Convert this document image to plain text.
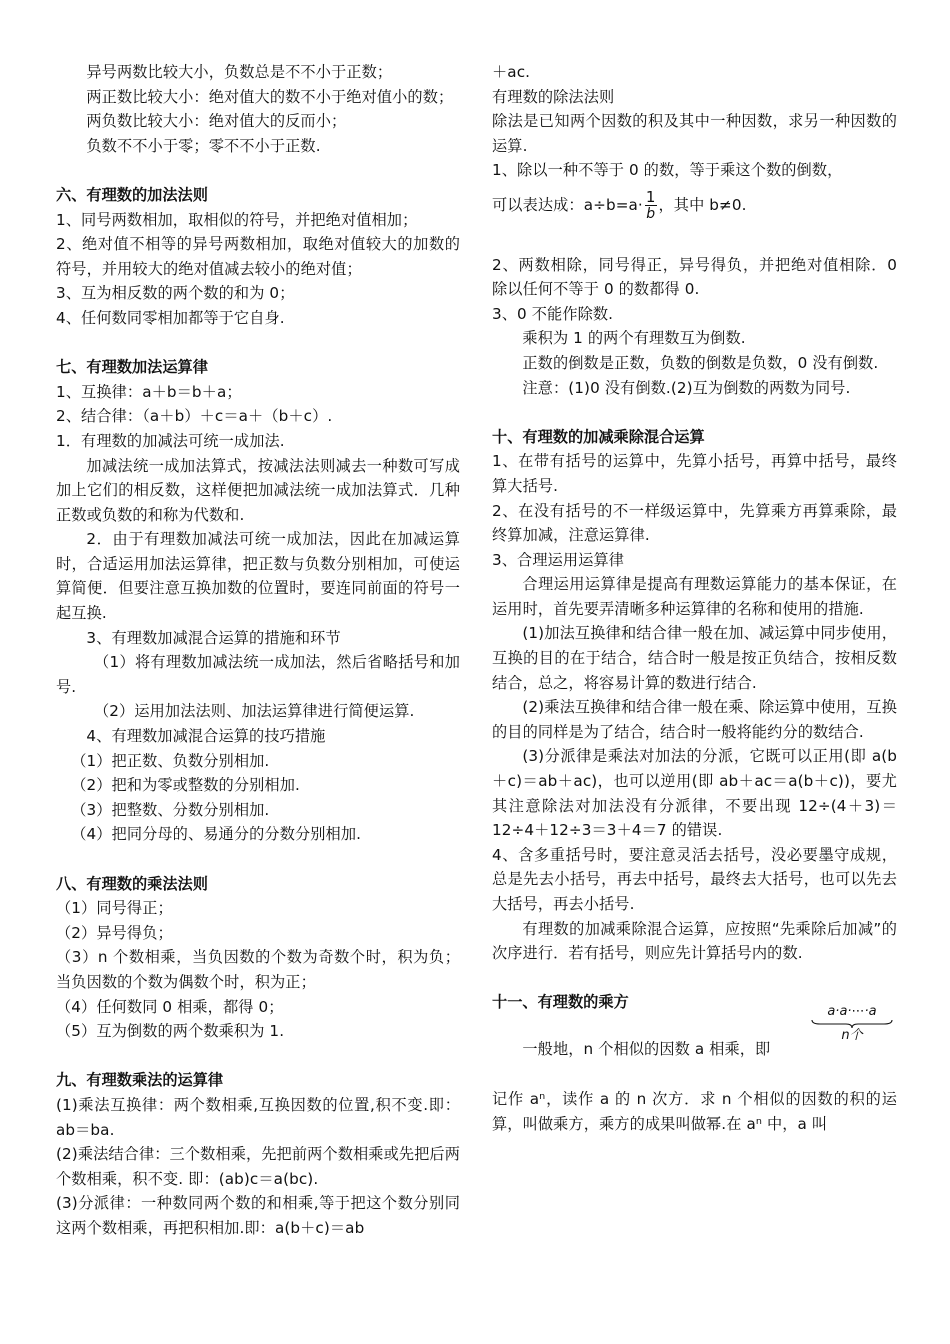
异号两数比较大小，负数总是不不小于正数；

两正数比较大小：绝对值大的数不小于绝对值小的数；

两负数比较大小：绝对值大的反而小；

负数不不小于零；零不不小于正数.

六、有理数的加法法则

1、同号两数相加，取相似的符号，并把绝对值相加；

2、绝对值不相等的异号两数相加，取绝对值较大的加数的符号，并用较大的绝对值减去较小的绝对值；

3、互为相反数的两个数的和为 0；

4、任何数同零相加都等于它自身.

七、有理数加法运算律

1、互换律：a＋b＝b＋a；

2、结合律：（a＋b）＋c＝a＋（b＋c）.

1．有理数的加减法可统一成加法.

加减法统一成加法算式，按减法法则减去一种数可写成加上它们的相反数，这样便把加减法统一成加法算式．几种正数或负数的和称为代数和.

2．由于有理数加减法可统一成加法，因此在加减运算时，合适运用加法运算律，把正数与负数分别相加，可使运算简便．但要注意互换加数的位置时，要连同前面的符号一起互换.

3、有理数加减混合运算的措施和环节

（1）将有理数加减法统一成加法，然后省略括号和加号.

（2）运用加法法则、加法运算律进行简便运算.

4、有理数加减混合运算的技巧措施

（1）把正数、负数分别相加.

（2）把和为零或整数的分别相加.

（3）把整数、分数分别相加.

（4）把同分母的、易通分的分数分别相加.

八、有理数的乘法法则

（1）同号得正；

（2）异号得负；

（3）n 个数相乘，当负因数的个数为奇数个时，积为负；当负因数的个数为偶数个时，积为正；

（4）任何数同 0 相乘，都得 0；

（5）互为倒数的两个数乘积为 1.

九、有理数乘法的运算律

(1)乘法互换律：两个数相乘,互换因数的位置,积不变.即：ab＝ba.

(2)乘法结合律：三个数相乘，先把前两个数相乘或先把后两个数相乘，积不变. 即：(ab)c＝a(bc).

(3)分派律：一种数同两个数的和相乘,等于把这个数分别同这两个数相乘，再把积相加.即：a(b＋c)＝ab

＋ac.

有理数的除法法则

除法是已知两个因数的积及其中一种因数，求另一种因数的运算.

1、除以一种不等于 0 的数，等于乘这个数的倒数，

可以表达成：$a\div b=a\cdot \frac{1}{b}$ ，其中 b≠0.

2、两数相除，同号得正，异号得负，并把绝对值相除．0 除以任何不等于 0 的数都得 0.

3、0 不能作除数.

乘积为 1 的两个有理数互为倒数.

正数的倒数是正数，负数的倒数是负数，0 没有倒数.

注意：(1)0 没有倒数.(2)互为倒数的两数为同号.

十、有理数的加减乘除混合运算

1、在带有括号的运算中，先算小括号，再算中括号，最终算大括号.

2、在没有括号的不一样级运算中，先算乘方再算乘除，最终算加减，注意运算律.

3、合理运用运算律

合理运用运算律是提高有理数运算能力的基本保证，在运用时，首先要弄清晰多种运算律的名称和使用的措施.

(1)加法互换律和结合律一般在加、减运算中同步使用，互换的目的在于结合，结合时一般是按正负结合，按相反数结合，总之，将容易计算的数进行结合.

(2)乘法互换律和结合律一般在乘、除运算中使用，互换的目的同样是为了结合，结合时一般将能约分的数结合.

(3)分派律是乘法对加法的分派，它既可以正用(即 a(b＋c)＝ab＋ac)，也可以逆用(即 ab＋ac＝a(b＋c))，要尤其注意除法对加法没有分派律，不要出现 12÷(4＋3)＝12÷4＋12÷3＝3＋4＝7 的错误.

4、含多重括号时，要注意灵活去括号，没必要墨守成规，总是先去小括号，再去中括号，最终去大括号，也可以先去大括号，再去小括号.

有理数的加减乘除混合运算，应按照“先乘除后加减”的次序进行．若有括号，则应先计算括号内的数.

十一、有理数的乘方

a·a·⋯·a
n个

一般地，n 个相似的因数 a 相乘，即

记作 aⁿ，读作 a 的 n 次方．求 n 个相似的因数的积的运算，叫做乘方，乘方的成果叫做幂.在 aⁿ 中，a 叫
